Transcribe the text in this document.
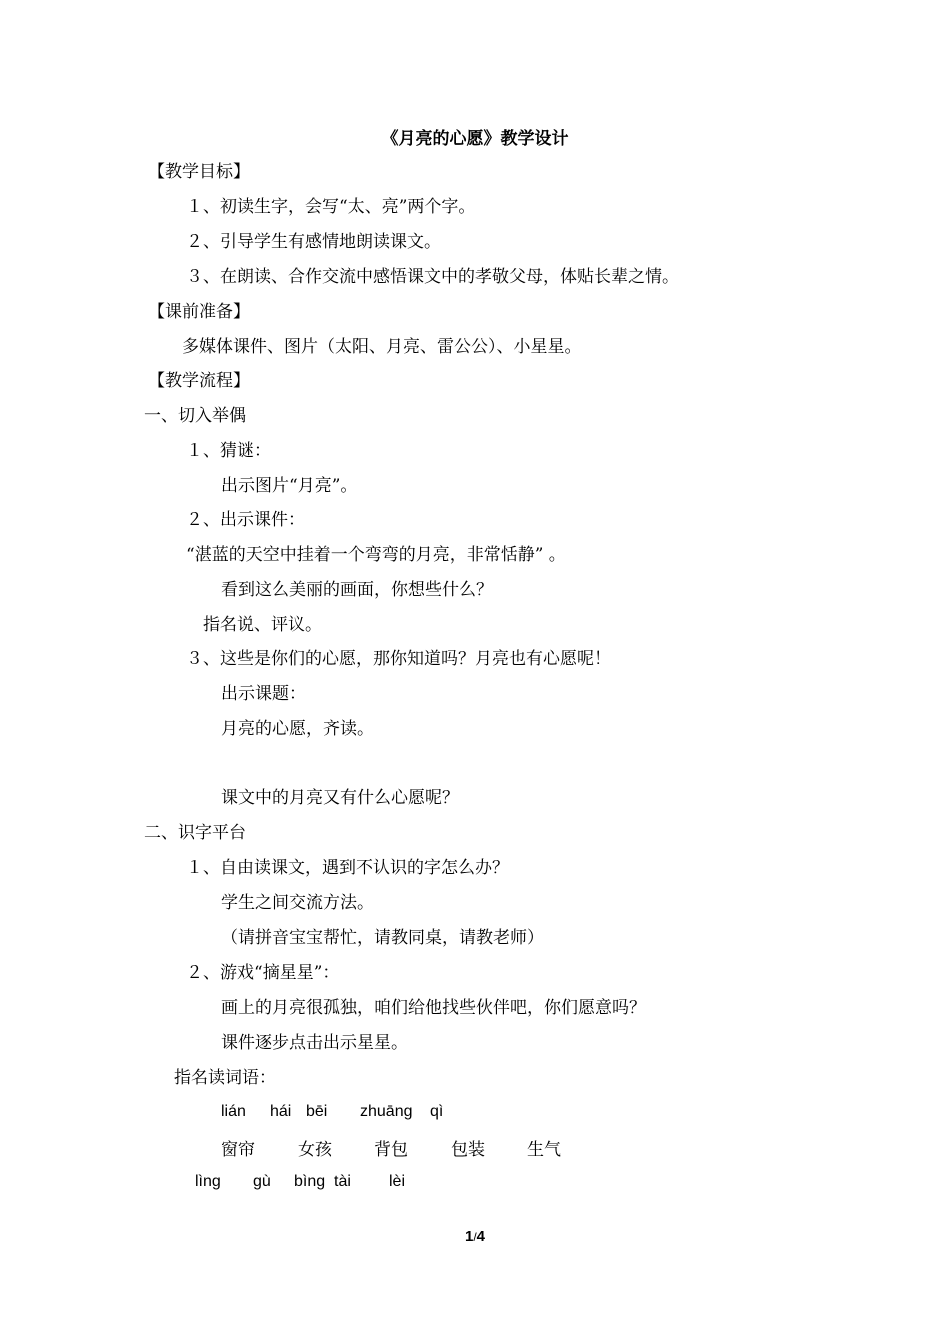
《月亮的心愿》教学设计
【教学目标】
１、初读生字，会写“太、亮”两个字。
２、引导学生有感情地朗读课文。
３、在朗读、合作交流中感悟课文中的孝敬父母，体贴长辈之情。
【课前准备】
多媒体课件、图片（太阳、月亮、雷公公）、小星星。
【教学流程】
一、切入举偶
１、猜谜：
出示图片“月亮”。
２、出示课件：
“湛蓝的天空中挂着一个弯弯的月亮，非常恬静” 。
看到这么美丽的画面，你想些什么？
指名说、评议。
３、这些是你们的心愿，那你知道吗？月亮也有心愿呢！
出示课题：
月亮的心愿，齐读。
课文中的月亮又有什么心愿呢？
二、识字平台
１、自由读课文，遇到不认识的字怎么办？
学生之间交流方法。
（请拼音宝宝帮忙，请教同桌，请教老师）
２、游戏“摘星星”：
画上的月亮很孤独，咱们给他找些伙伴吧，你们愿意吗？
课件逐步点击出示星星。
指名读词语：
lián hái bēi zhuāng qì
窗帘	女孩 背包	包装 生气
lìng gù bìng tài lèi
1/4
